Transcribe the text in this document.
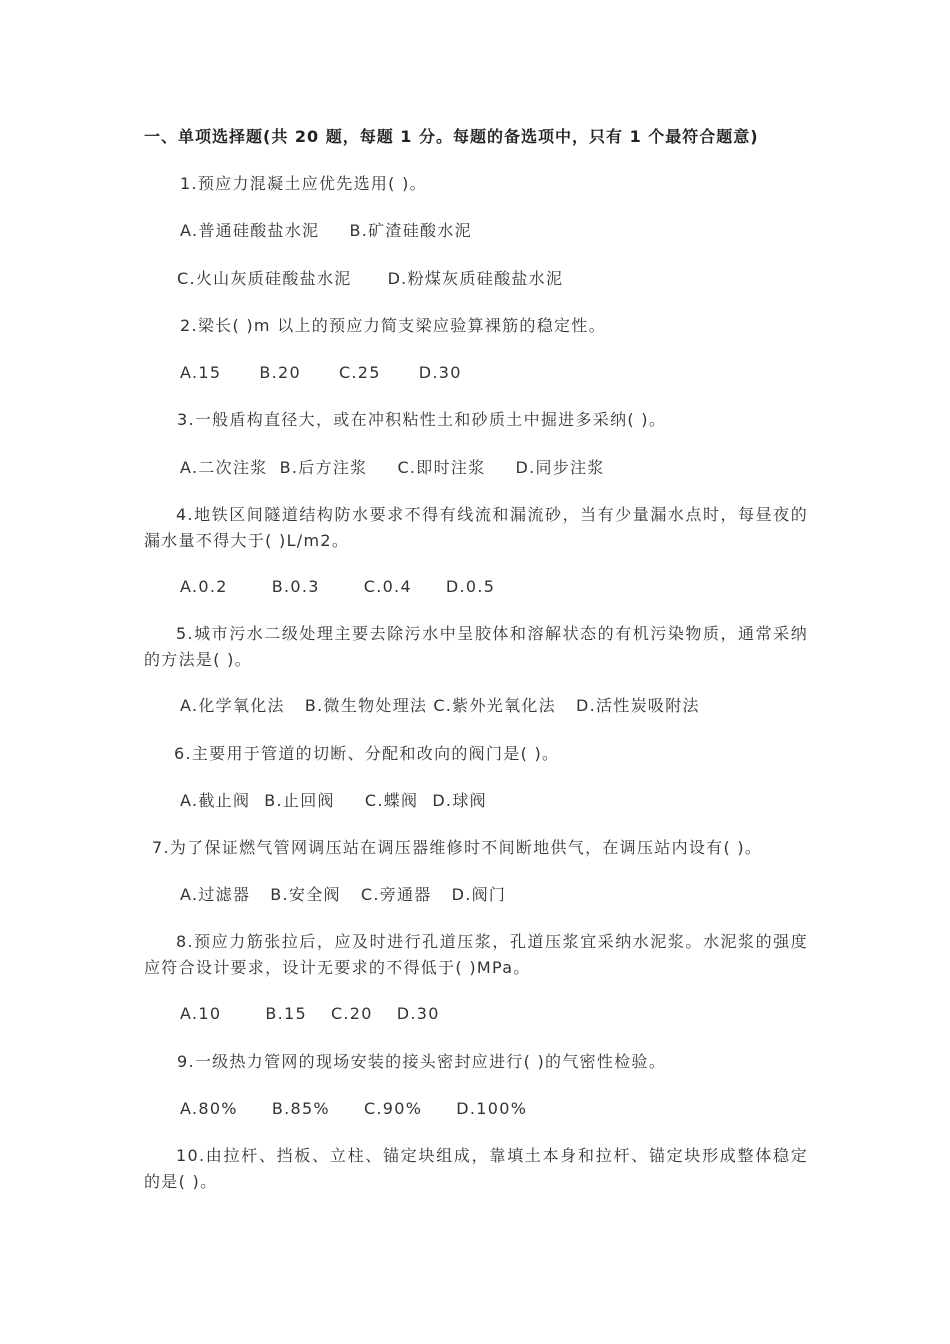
一、单项选择题(共 20 题，每题 1 分。每题的备选项中，只有 1 个最符合题意)

1.预应力混凝土应优先选用( )。

A.普通硅酸盐水泥 B.矿渣硅酸水泥

C.火山灰质硅酸盐水泥 D.粉煤灰质硅酸盐水泥

2.梁长( )m 以上的预应力简支梁应验算裸筋的稳定性。

A.15 B.20 C.25 D.30

3.一般盾构直径大，或在冲积粘性土和砂质土中掘进多采纳( )。

A.二次注浆 B.后方注浆 C.即时注浆 D.同步注浆

4.地铁区间隧道结构防水要求不得有线流和漏流砂，当有少量漏水点时，每昼夜的漏水量不得大于( )L/m2。

A.0.2	B.0.3	C.0.4 D.0.5

5.城市污水二级处理主要去除污水中呈胶体和溶解状态的有机污染物质，通常采纳的方法是( )。

A.化学氧化法 B.微生物处理法 C.紫外光氧化法 D.活性炭吸附法

6.主要用于管道的切断、分配和改向的阀门是( )。

A.截止阀 B.止回阀 C.蝶阀 D.球阀

7.为了保证燃气管网调压站在调压器维修时不间断地供气，在调压站内设有( )。

A.过滤器 B.安全阀 C.旁通器 D.阀门

8.预应力筋张拉后，应及时进行孔道压浆，孔道压浆宜采纳水泥浆。水泥浆的强度应符合设计要求，设计无要求的不得低于( )MPa。

A.10	B.15 C.20 D.30

9.一级热力管网的现场安装的接头密封应进行( )的气密性检验。

A.80% B.85% C.90% D.100%

10.由拉杆、挡板、立柱、锚定块组成，靠填土本身和拉杆、锚定块形成整体稳定的是( )。
